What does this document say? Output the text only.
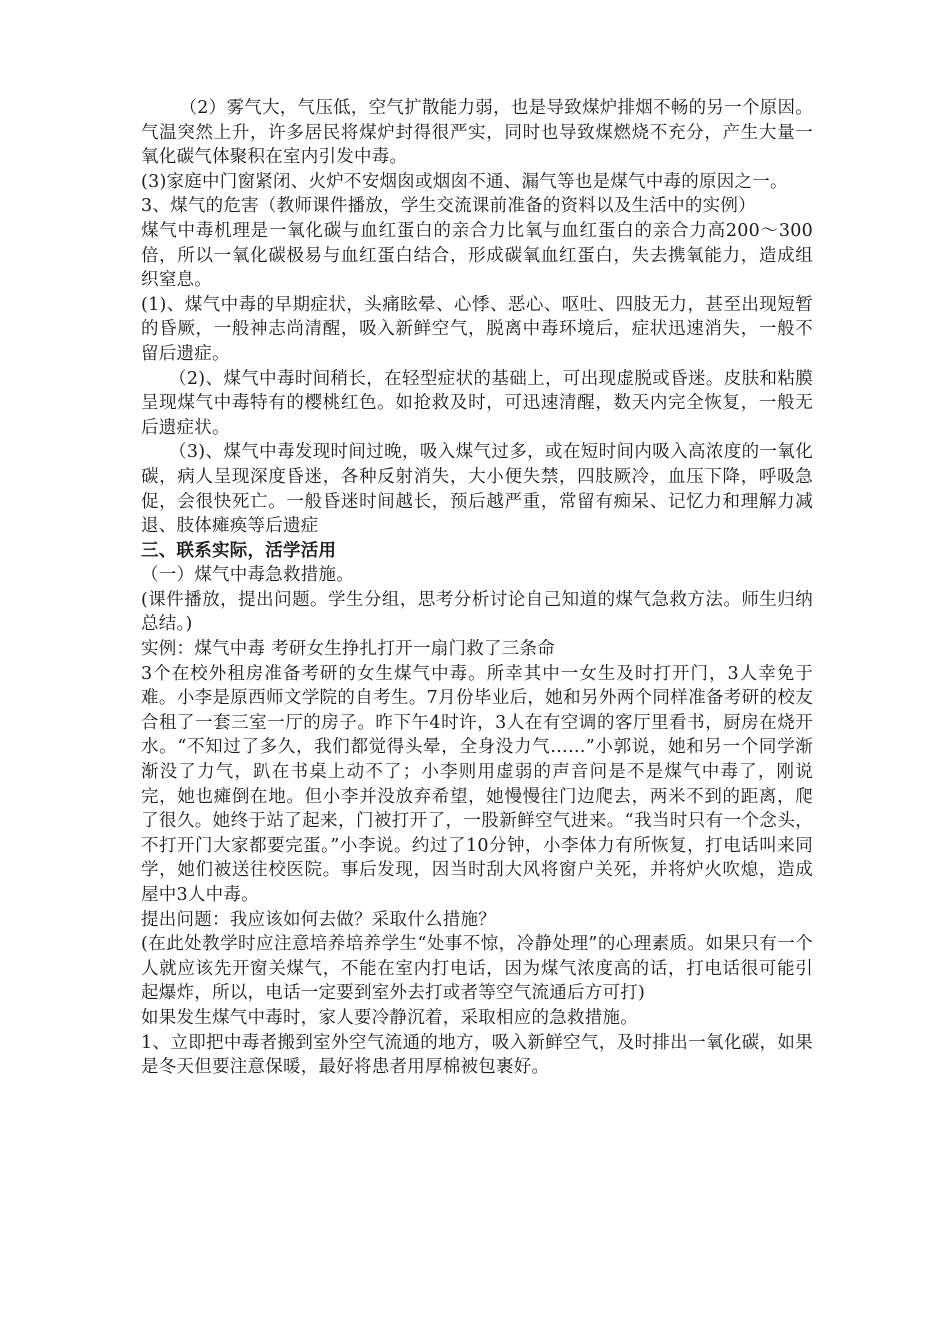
（2）雾气大，气压低，空气扩散能力弱，也是导致煤炉排烟不畅的另一个原因。气温突然上升，许多居民将煤炉封得很严实，同时也导致煤燃烧不充分，产生大量一氧化碳气体聚积在室内引发中毒。

(3)家庭中门窗紧闭、火炉不安烟囱或烟囱不通、漏气等也是煤气中毒的原因之一。

3、煤气的危害（教师课件播放，学生交流课前准备的资料以及生活中的实例）

煤气中毒机理是一氧化碳与血红蛋白的亲合力比氧与血红蛋白的亲合力高200～300倍，所以一氧化碳极易与血红蛋白结合，形成碳氧血红蛋白，失去携氧能力，造成组织窒息。

(1)、煤气中毒的早期症状，头痛眩晕、心悸、恶心、呕吐、四肢无力，甚至出现短暂的昏厥，一般神志尚清醒，吸入新鲜空气，脱离中毒环境后，症状迅速消失，一般不留后遗症。

（2)、煤气中毒时间稍长，在轻型症状的基础上，可出现虚脱或昏迷。皮肤和粘膜呈现煤气中毒特有的樱桃红色。如抢救及时，可迅速清醒，数天内完全恢复，一般无后遗症状。

（3)、煤气中毒发现时间过晚，吸入煤气过多，或在短时间内吸入高浓度的一氧化碳，病人呈现深度昏迷，各种反射消失，大小便失禁，四肢厥冷，血压下降，呼吸急促，会很快死亡。一般昏迷时间越长，预后越严重，常留有痴呆、记忆力和理解力减退、肢体瘫痪等后遗症

三、联系实际，活学活用

（一）煤气中毒急救措施。

(课件播放，提出问题。学生分组，思考分析讨论自己知道的煤气急救方法。师生归纳总结。)

实例：煤气中毒 考研女生挣扎打开一扇门救了三条命

3个在校外租房准备考研的女生煤气中毒。所幸其中一女生及时打开门，3人幸免于难。小李是原西师文学院的自考生。7月份毕业后，她和另外两个同样准备考研的校友合租了一套三室一厅的房子。昨下午4时许，3人在有空调的客厅里看书，厨房在烧开水。“不知过了多久，我们都觉得头晕，全身没力气……”小郭说，她和另一个同学渐渐没了力气，趴在书桌上动不了；小李则用虚弱的声音问是不是煤气中毒了，刚说完，她也瘫倒在地。但小李并没放弃希望，她慢慢往门边爬去，两米不到的距离，爬了很久。她终于站了起来，门被打开了，一股新鲜空气进来。“我当时只有一个念头，不打开门大家都要完蛋。”小李说。约过了10分钟，小李体力有所恢复，打电话叫来同学，她们被送往校医院。事后发现，因当时刮大风将窗户关死，并将炉火吹熄，造成屋中3人中毒。

提出问题：我应该如何去做？采取什么措施？

(在此处教学时应注意培养培养学生“处事不惊，冷静处理”的心理素质。如果只有一个人就应该先开窗关煤气，不能在室内打电话，因为煤气浓度高的话，打电话很可能引起爆炸，所以，电话一定要到室外去打或者等空气流通后方可打)

如果发生煤气中毒时，家人要冷静沉着，采取相应的急救措施。

1、立即把中毒者搬到室外空气流通的地方，吸入新鲜空气，及时排出一氧化碳，如果是冬天但要注意保暖，最好将患者用厚棉被包裹好。
